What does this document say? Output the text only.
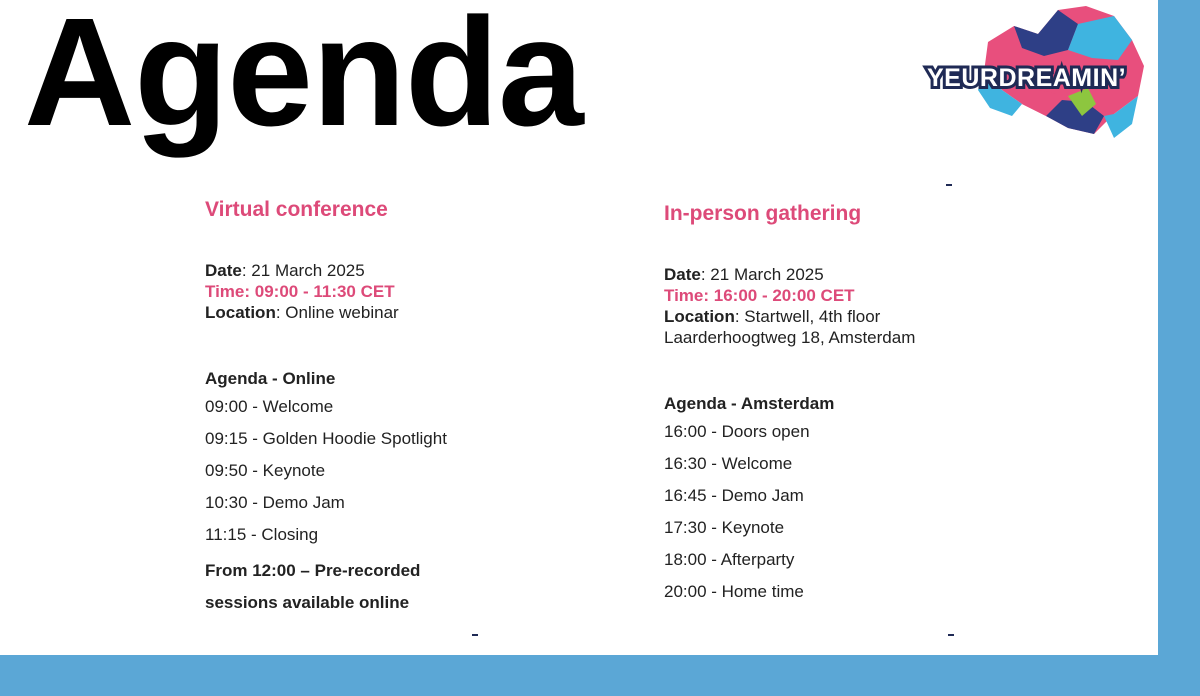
Agenda	YEURDREAMIN’
Virtual conference
Date: 21 March 2025
Time: 09:00 - 11:30 CET
Location: Online webinar
Agenda - Online
09:00 - Welcome
09:15 - Golden Hoodie Spotlight
09:50 - Keynote
10:30 - Demo Jam
11:15 - Closing
From 12:00 – Pre-recorded
sessions available online
In-person gathering
Date: 21 March 2025
Time: 16:00 - 20:00 CET
Location: Startwell, 4th floor
Laarderhoogtweg 18, Amsterdam
Agenda - Amsterdam
16:00 - Doors open
16:30 - Welcome
16:45 - Demo Jam
17:30 - Keynote
18:00 - Afterparty
20:00 - Home time
